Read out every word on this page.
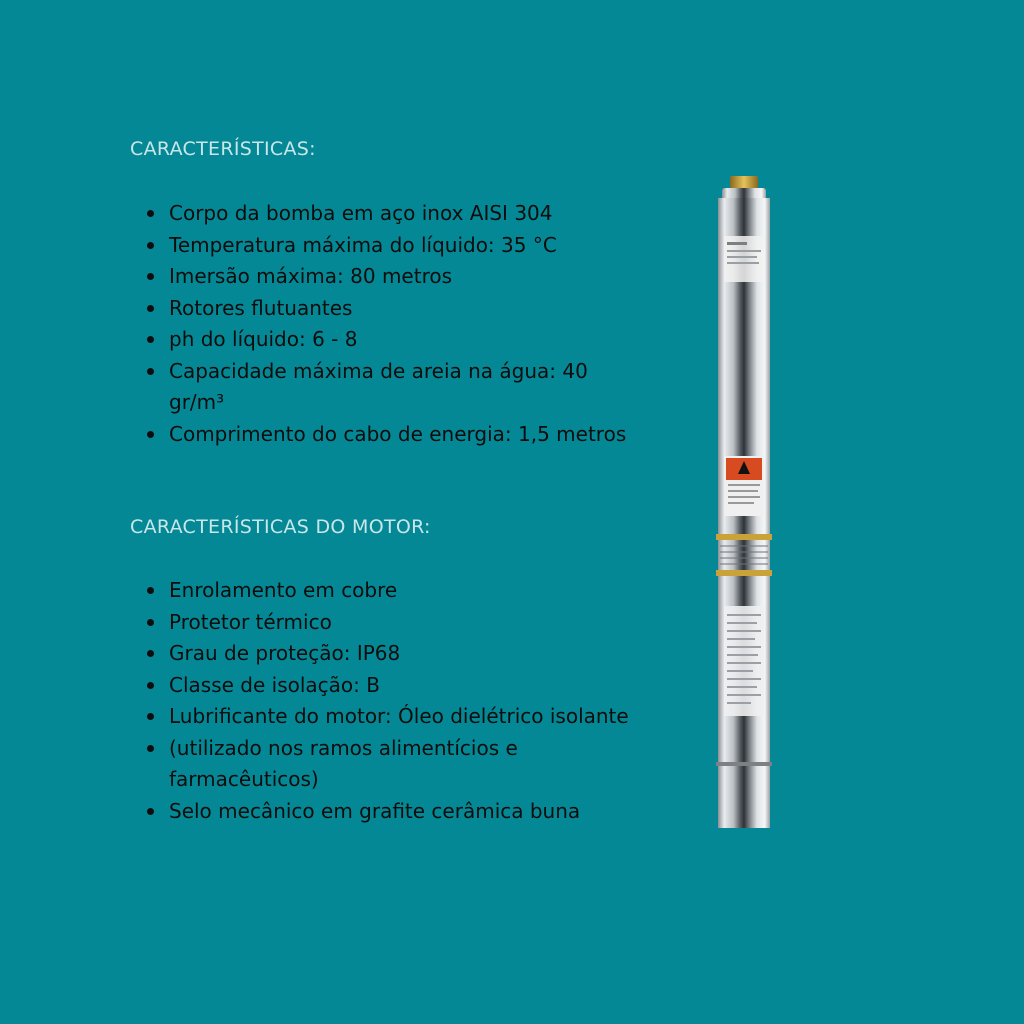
CARACTERÍSTICAS:
Corpo da bomba em aço inox AISI 304
Temperatura máxima do líquido: 35 °C
Imersão máxima: 80 metros
Rotores flutuantes
ph do líquido: 6 - 8
Capacidade máxima de areia na água: 40 gr/m³
Comprimento do cabo de energia: 1,5 metros
CARACTERÍSTICAS DO MOTOR:
Enrolamento em cobre
Protetor térmico
Grau de proteção: IP68
Classe de isolação: B
Lubrificante do motor: Óleo dielétrico isolante
(utilizado nos ramos alimentícios e farmacêuticos)
Selo mecânico em grafite cerâmica buna
